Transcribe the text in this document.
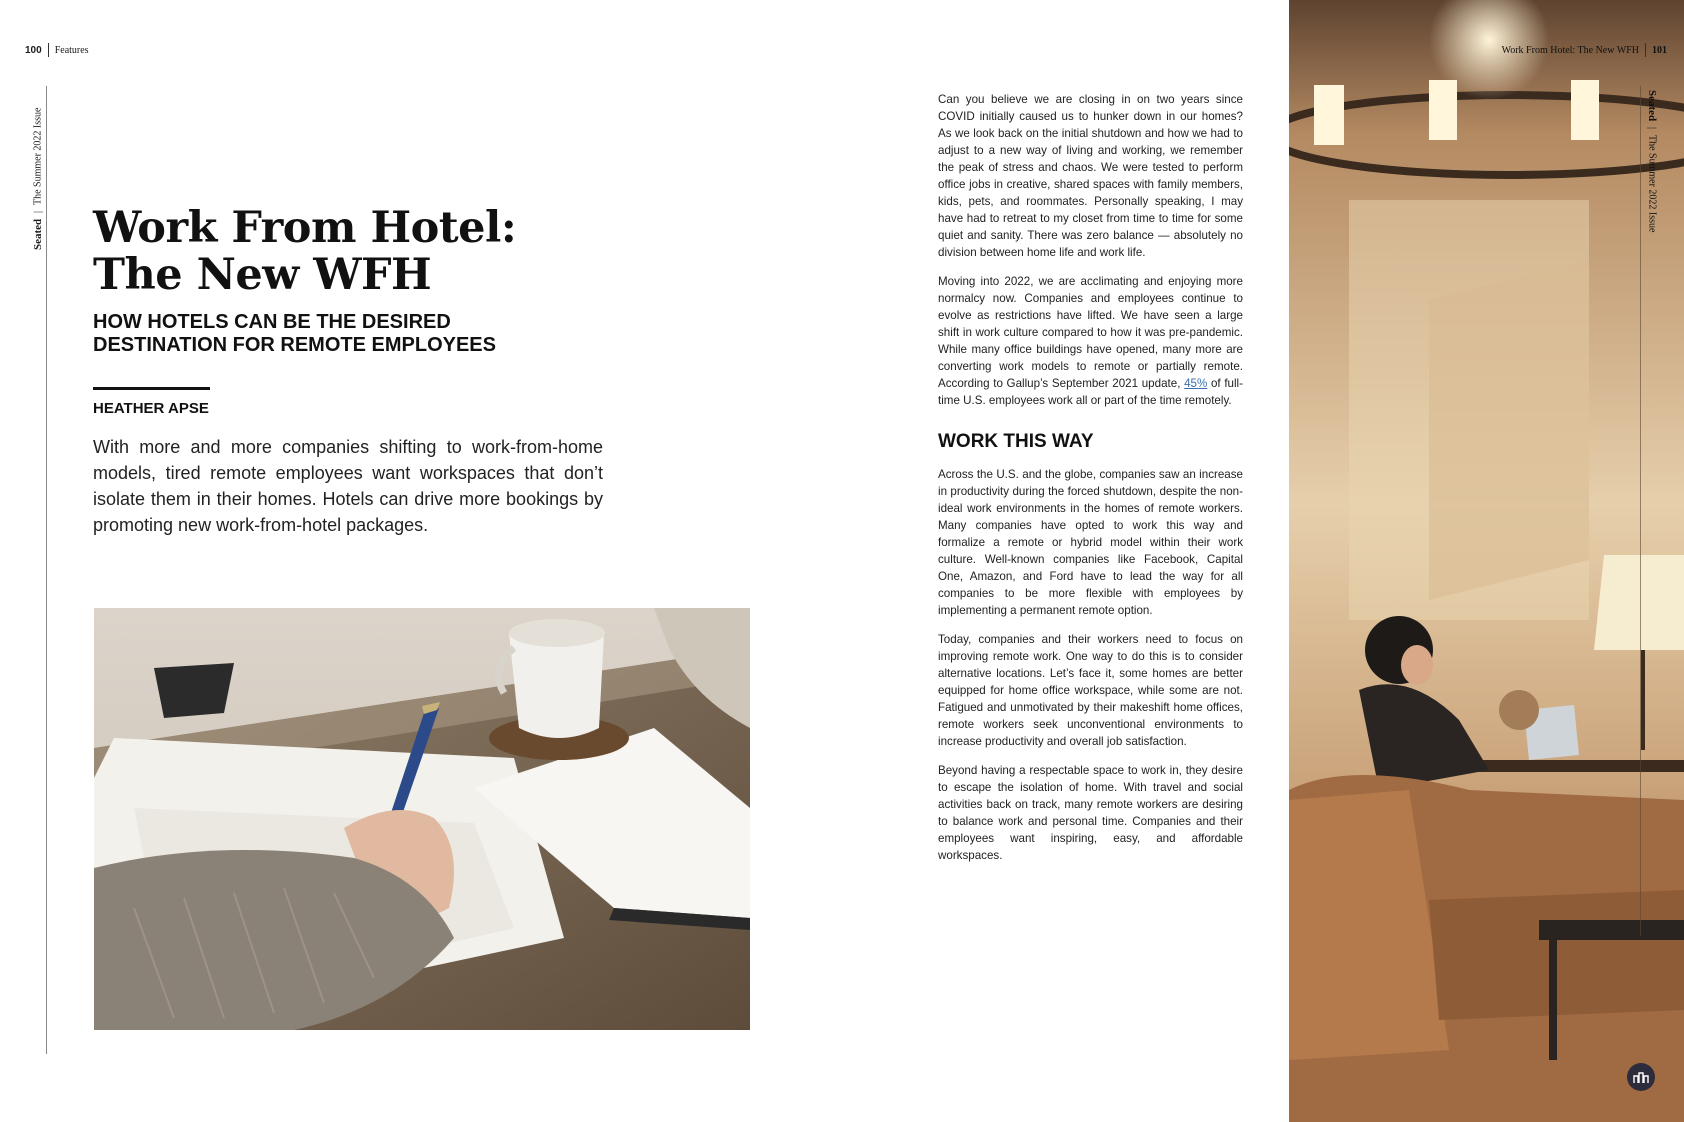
100 Features
Seated
|
The Summer 2022 Issue
Work From Hotel:
The New WFH
HOW HOTELS CAN BE THE DESIRED
DESTINATION FOR REMOTE EMPLOYEES
HEATHER APSE

With more and more companies shifting to work-from-home models, tired remote employees want workspaces that don’t isolate them in their homes. Hotels can drive more bookings by promoting new work-from-hotel packages.

Can you believe we are closing in on two years since COVID initially caused us to hunker down in our homes? As we look back on the initial shutdown and how we had to adjust to a new way of living and working, we remember the peak of stress and chaos. We were tested to perform office jobs in creative, shared spaces with family members, kids, pets, and roommates. Personally speaking, I may have had to retreat to my closet from time to time for some quiet and sanity. There was zero balance — absolutely no division between home life and work life.

Moving into 2022, we are acclimating and enjoying more normalcy now. Companies and employees continue to evolve as restrictions have lifted. We have seen a large shift in work culture compared to how it was pre-pandemic. While many office buildings have opened, many more are converting work models to remote or partially remote. According to Gallup’s September 2021 update, 45% of full-time U.S. employees work all or part of the time remotely.

WORK THIS WAY

Across the U.S. and the globe, companies saw an increase in productivity during the forced shutdown, despite the non-ideal work environments in the homes of remote workers. Many companies have opted to work this way and formalize a remote or hybrid model within their work culture. Well-known companies like Facebook, Capital One, Amazon, and Ford have to lead the way for all companies to be more flexible with employees by implementing a permanent remote option.

Today, companies and their workers need to focus on improving remote work. One way to do this is to consider alternative locations. Let’s face it, some homes are better equipped for home office workspace, while some are not. Fatigued and unmotivated by their makeshift home offices, remote workers seek unconventional environments to increase productivity and overall job satisfaction.

Beyond having a respectable space to work in, they desire to escape the isolation of home. With travel and social activities back on track, many remote workers are desiring to balance work and personal time. Companies and their employees want inspiring, easy, and affordable workspaces.

Work From Hotel: The New WFH 101
Seated
|
The Summer 2022 Issue
